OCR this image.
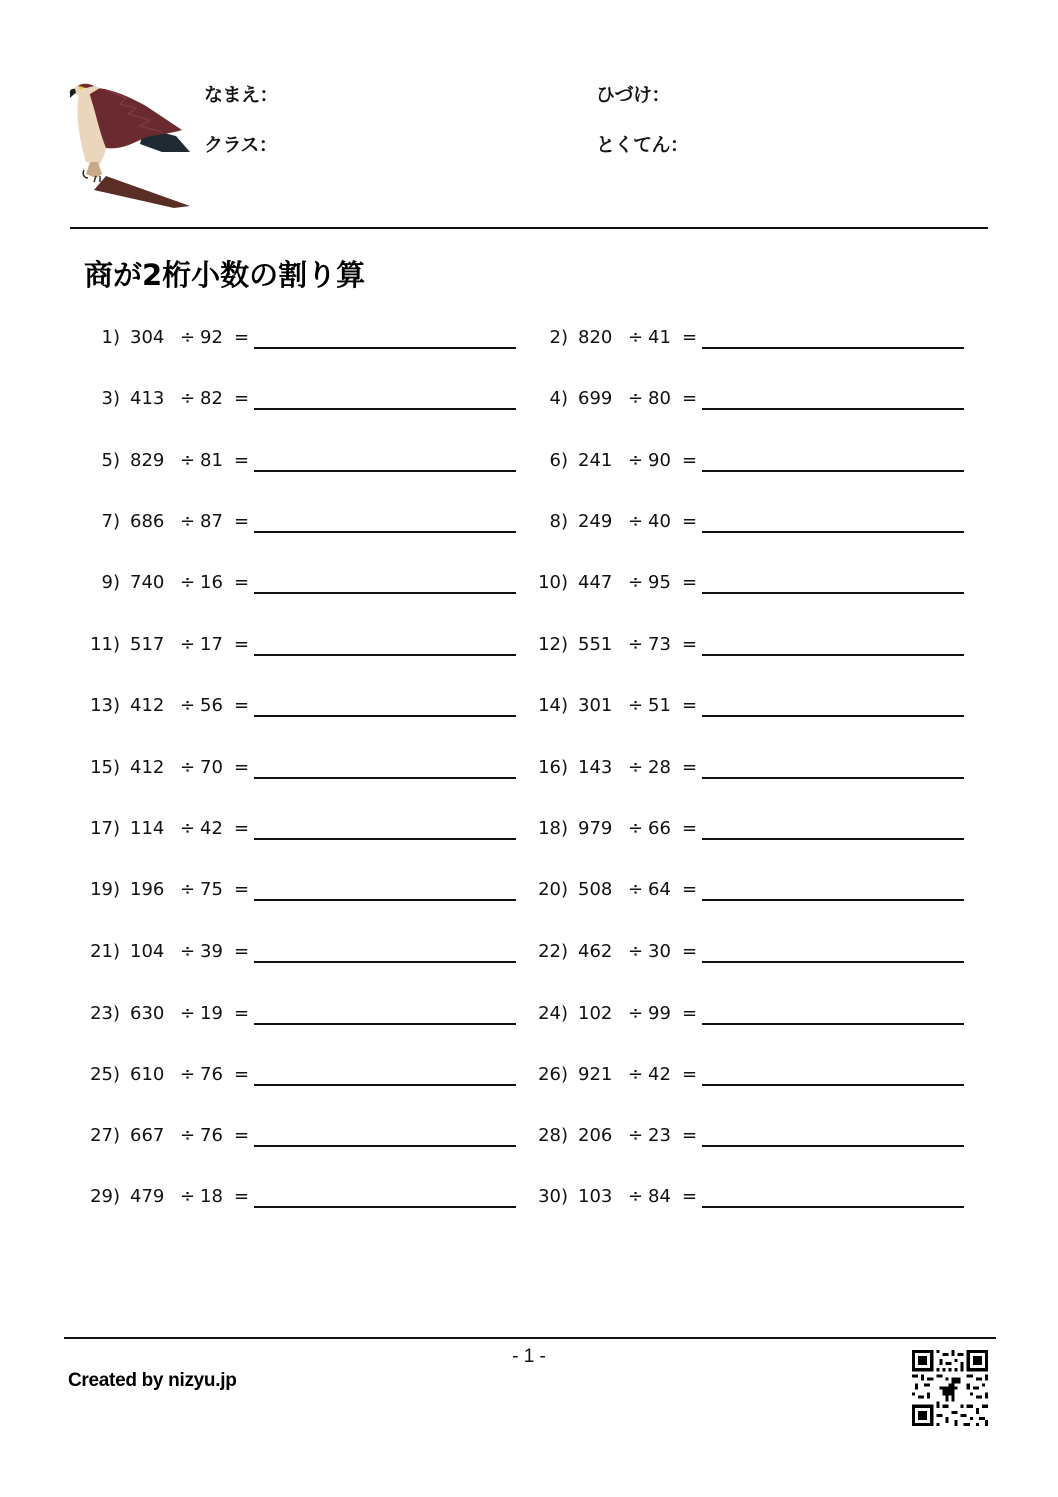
なまえ：	ひづけ：
クラス：	とくてん：
商が2桁小数の割り算
1) 304 ÷ 92 =	2) 820 ÷ 41 =
3) 413 ÷ 82 =	4) 699 ÷ 80 =
5) 829 ÷ 81 =	6) 241 ÷ 90 =
7) 686 ÷ 87 =	8) 249 ÷ 40 =
9) 740 ÷ 16 =	10) 447 ÷ 95 =
11) 517 ÷ 17 =	12) 551 ÷ 73 =
13) 412 ÷ 56 =	14) 301 ÷ 51 =
15) 412 ÷ 70 =	16) 143 ÷ 28 =
17) 114 ÷ 42 =	18) 979 ÷ 66 =
19) 196 ÷ 75 =	20) 508 ÷ 64 =
21) 104 ÷ 39 =	22) 462 ÷ 30 =
23) 630 ÷ 19 =	24) 102 ÷ 99 =
25) 610 ÷ 76 =	26) 921 ÷ 42 =
27) 667 ÷ 76 =	28) 206 ÷ 23 =
29) 479 ÷ 18 =	30) 103 ÷ 84 =
- 1 -
Created by nizyu.jp
